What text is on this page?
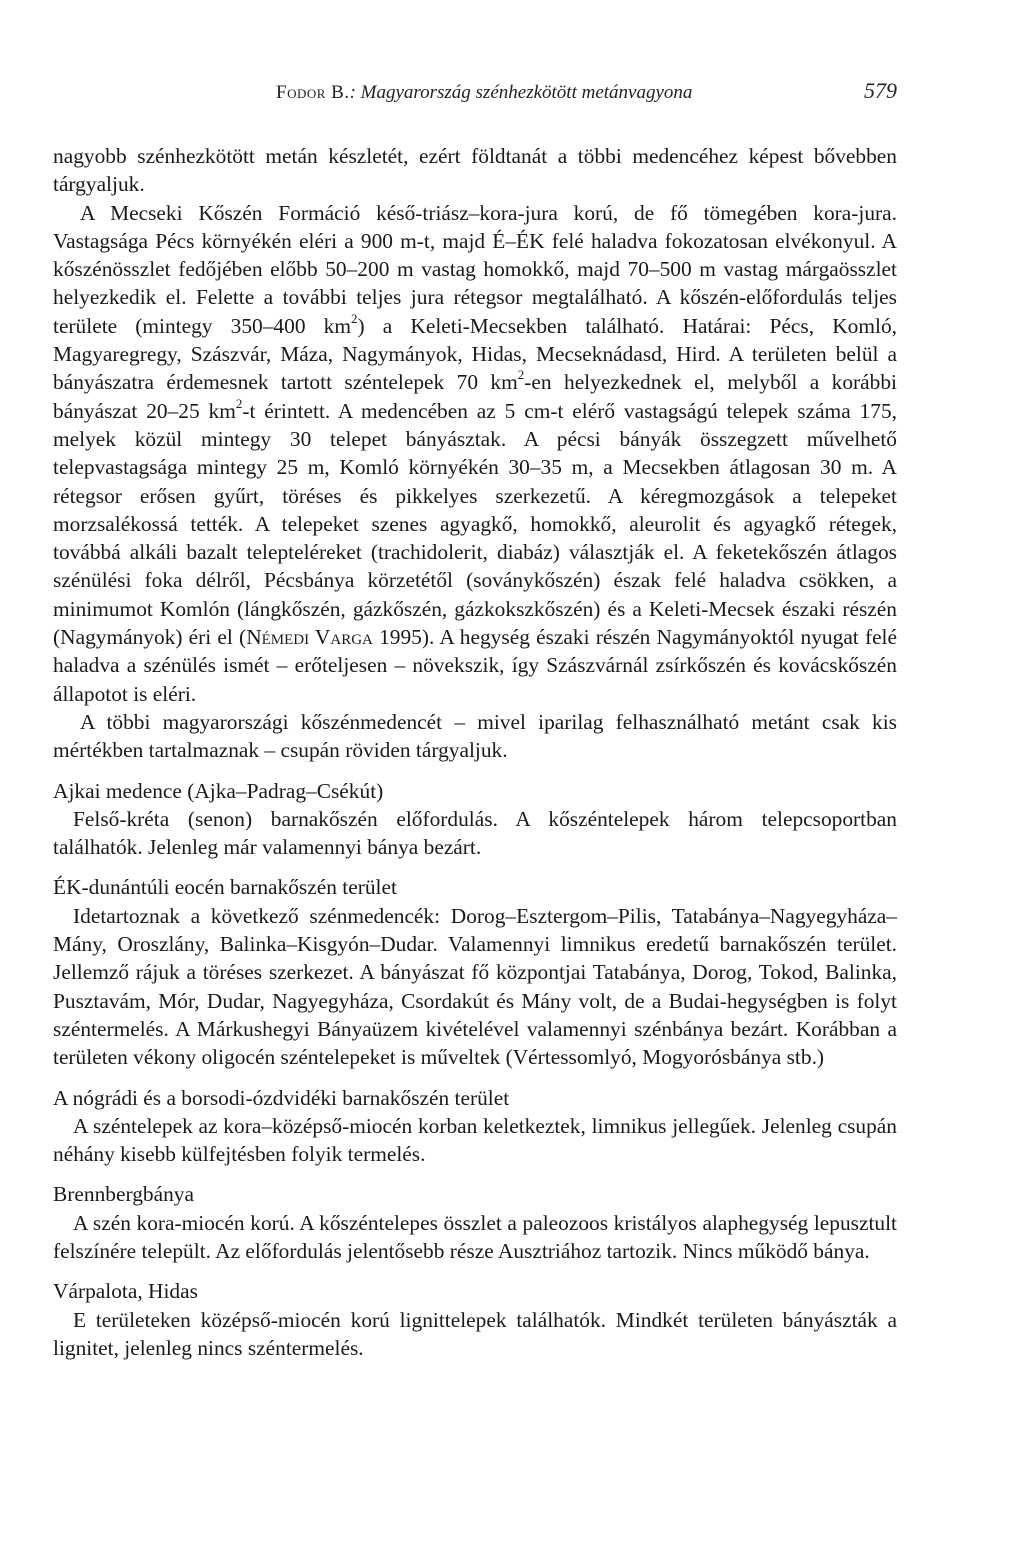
Fodor B.: Magyarország szénhezkötött metánvagyona	579

nagyobb szénhezkötött metán készletét, ezért földtanát a többi medencéhez képest bővebben tárgyaljuk.

A Mecseki Kőszén Formáció késő-triász–kora-jura korú, de fő tömegében kora-jura. Vastagsága Pécs környékén eléri a 900 m-t, majd É–ÉK felé haladva fokozatosan elvékonyul. A kőszénösszlet fedőjében előbb 50–200 m vastag homokkő, majd 70–500 m vastag márgaösszlet helyezkedik el. Felette a további teljes jura rétegsor megtalálható. A kőszén-előfordulás teljes területe (mintegy 350–400 $km^2$) a Keleti-Mecsekben található. Határai: Pécs, Komló, Magyaregregy, Szászvár, Máza, Nagymányok, Hidas, Mecseknádasd, Hird. A területen belül a bányászatra érdemesnek tartott széntelepek 70 $km^2-en$ helyezkednek el, melyből a korábbi bányászat 20–25 $km^2-t$ érintett. A medencében az 5 cm-t elérő vastagságú telepek száma 175, melyek közül mintegy 30 telepet bányásztak. A pécsi bányák összegzett művelhető telepvastagsága mintegy 25 m, Komló környékén 30–35 m, a Mecsekben átlagosan 30 m. A rétegsor erősen gyűrt, töréses és pikkelyes szerkezetű. A kéregmozgások a telepeket morzsalékossá tették. A telepeket szenes agyagkő, homokkő, aleurolit és agyagkő rétegek, továbbá alkáli bazalt telepteléreket (trachidolerit, diabáz) választják el. A feketekőszén átlagos szénülési foka délről, Pécsbánya körzetétől (soványkőszén) észak felé haladva csökken, a minimumot Komlón (lángkőszén, gázkőszén, gázkokszkőszén) és a Keleti-Mecsek északi részén (Nagymányok) éri el (Némedi Varga 1995). A hegység északi részén Nagymányoktól nyugat felé haladva a szénülés ismét – erőteljesen – növekszik, így Szászvárnál zsírkőszén és kovácskőszén állapotot is eléri.

A többi magyarországi kőszénmedencét – mivel iparilag felhasználható metánt csak kis mértékben tartalmaznak – csupán röviden tárgyaljuk.

Ajkai medence (Ajka–Padrag–Csékút)

Felső-kréta (senon) barnakőszén előfordulás. A kőszéntelepek három telepcsoportban találhatók. Jelenleg már valamennyi bánya bezárt.

ÉK-dunántúli eocén barnakőszén terület

Idetartoznak a következő szénmedencék: Dorog–Esztergom–Pilis, Tatabánya–Nagyegyháza–Mány, Oroszlány, Balinka–Kisgyón–Dudar. Valamennyi limnikus eredetű barnakőszén terület. Jellemző rájuk a töréses szerkezet. A bányászat fő központjai Tatabánya, Dorog, Tokod, Balinka, Pusztavám, Mór, Dudar, Nagyegyháza, Csordakút és Mány volt, de a Budai-hegységben is folyt széntermelés. A Márkushegyi Bányaüzem kivételével valamennyi szénbánya bezárt. Korábban a területen vékony oligocén széntelepeket is műveltek (Vértessomlyó, Mogyorósbánya stb.)

A nógrádi és a borsodi-ózdvidéki barnakőszén terület

A széntelepek az kora–középső-miocén korban keletkeztek, limnikus jellegűek. Jelenleg csupán néhány kisebb külfejtésben folyik termelés.

Brennbergbánya

A szén kora-miocén korú. A kőszéntelepes összlet a paleozoos kristályos alaphegység lepusztult felszínére települt. Az előfordulás jelentősebb része Ausztriához tartozik. Nincs működő bánya.

Várpalota, Hidas

E területeken középső-miocén korú lignittelepek találhatók. Mindkét területen bányászták a lignitet, jelenleg nincs széntermelés.
